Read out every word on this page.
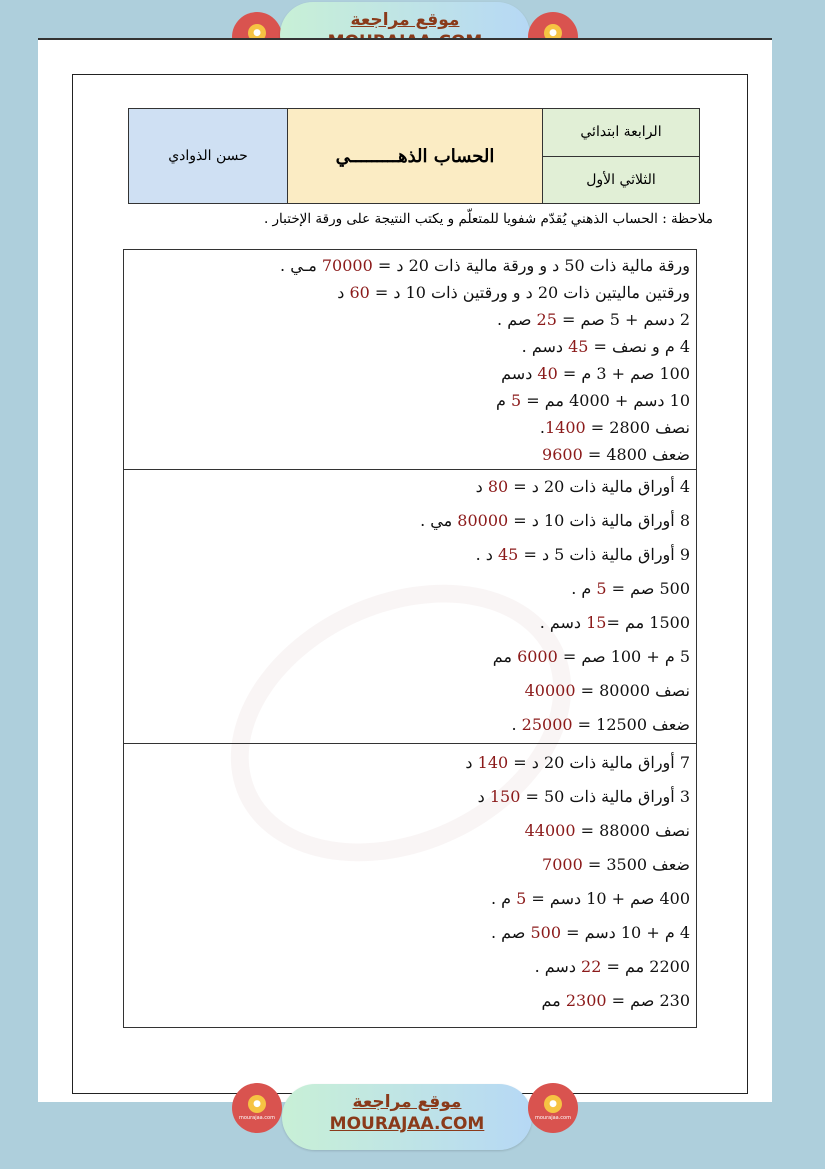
●
موقع مراجعة
●
حسن الذوادي	الحساب الذهـــــــــي
الرابعة ابتدائي
الثلاثي الأول
ملاحظة : الحساب الذهني يُقدّم شفويا للمتعلّم و يكتب النتيجة على ورقة الإختبار .
ورقة مالية ذات 50 د و ورقة مالية ذات 20 د = 70000 مـي .
ورقتين ماليتين ذات 20 د و ورقتين ذات 10 د = 60 د
2 دسم + 5 صم = 25 صم .
4 م و نصف = 45 دسم .
100 صم + 3 م = 40 دسم
10 دسم + 4000 مم = 5 م
نصف 2800 = 1400.
ضعف 4800 = 9600
4 أوراق مالية ذات 20 د = 80 د
8 أوراق مالية ذات 10 د = 80000 مي .
9 أوراق مالية ذات 5 د = 45 د .
500 صم = 5 م .
1500 مم =15 دسم .
5 م + 100 صم = 6000 مم
نصف 80000 = 40000
ضعف 12500 = 25000 .
7 أوراق مالية ذات 20 د = 140 د
3 أوراق مالية ذات 50 = 150 د
نصف 88000 = 44000
ضعف 3500 = 7000
400 صم + 10 دسم = 5 م .
4 م + 10 دسم = 500 صم .
2200 مم = 22 دسم .
230 صم = 2300 مم
●
mourajaa.com
موقع مراجعة
MOURAJAA.COM
●
mourajaa.com
